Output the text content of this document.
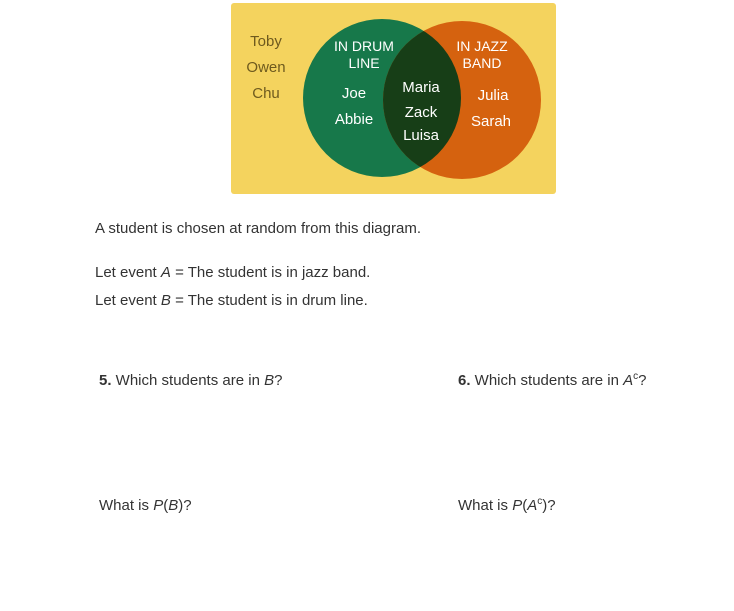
Toby
Owen
Chu
IN DRUM
LINE
IN JAZZ
BAND
Joe
Abbie
Maria
Zack
Luisa
Julia
Sarah

A student is chosen at random from this diagram.

Let event A = The student is in jazz band.

Let event B = The student is in drum line.

5. Which students are in B?	6. Which students are in $A^c$?

What is P(B)?	What is $P(A^c)$?
